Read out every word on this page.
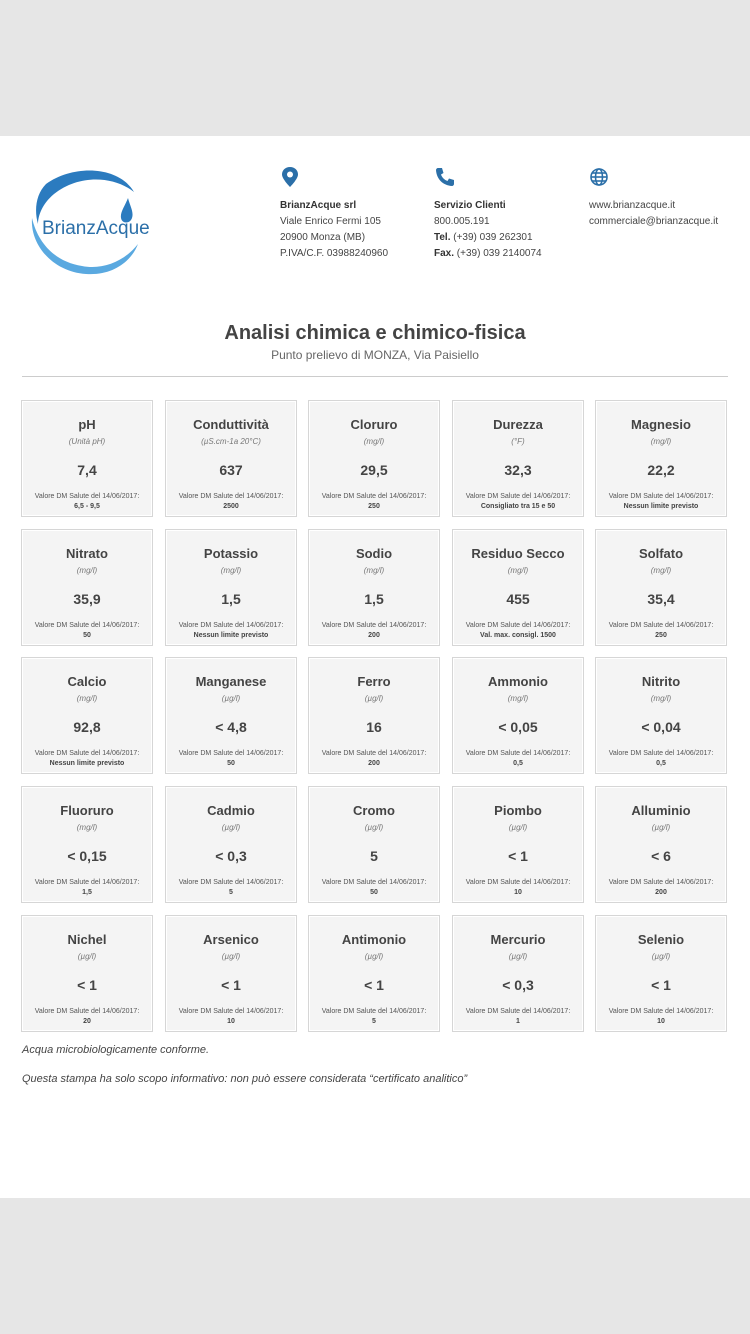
BrianzAcque
BrianzAcque srl
Viale Enrico Fermi 105
20900 Monza (MB)
P.IVA/C.F. 03988240960
Servizio Clienti
800.005.191
Tel. (+39) 039 262301
Fax. (+39) 039 2140074
www.brianzacque.it
commerciale@brianzacque.it
Analisi chimica e chimico-fisica
Punto prelievo di MONZA, Via Paisiello
pH
(Unità pH)
7,4
Valore DM Salute del 14/06/2017:
6,5 - 9,5
Conduttività
(µS.cm-1a 20°C)
637
Valore DM Salute del 14/06/2017:
2500
Cloruro
(mg/l)
29,5
Valore DM Salute del 14/06/2017:
250
Durezza
(°F)
32,3
Valore DM Salute del 14/06/2017:
Consigliato tra 15 e 50
Magnesio
(mg/l)
22,2
Valore DM Salute del 14/06/2017:
Nessun limite previsto
Nitrato
(mg/l)
35,9
Valore DM Salute del 14/06/2017:
50
Potassio
(mg/l)
1,5
Valore DM Salute del 14/06/2017:
Nessun limite previsto
Sodio
(mg/l)
1,5
Valore DM Salute del 14/06/2017:
200
Residuo Secco
(mg/l)
455
Valore DM Salute del 14/06/2017:
Val. max. consigl. 1500
Solfato
(mg/l)
35,4
Valore DM Salute del 14/06/2017:
250
Calcio
(mg/l)
92,8
Valore DM Salute del 14/06/2017:
Nessun limite previsto
Manganese
(µg/l)
< 4,8
Valore DM Salute del 14/06/2017:
50
Ferro
(µg/l)
16
Valore DM Salute del 14/06/2017:
200
Ammonio
(mg/l)
< 0,05
Valore DM Salute del 14/06/2017:
0,5
Nitrito
(mg/l)
< 0,04
Valore DM Salute del 14/06/2017:
0,5
Fluoruro
(mg/l)
< 0,15
Valore DM Salute del 14/06/2017:
1,5
Cadmio
(µg/l)
< 0,3
Valore DM Salute del 14/06/2017:
5
Cromo
(µg/l)
5
Valore DM Salute del 14/06/2017:
50
Piombo
(µg/l)
< 1
Valore DM Salute del 14/06/2017:
10
Alluminio
(µg/l)
< 6
Valore DM Salute del 14/06/2017:
200
Nichel
(µg/l)
< 1
Valore DM Salute del 14/06/2017:
20
Arsenico
(µg/l)
< 1
Valore DM Salute del 14/06/2017:
10
Antimonio
(µg/l)
< 1
Valore DM Salute del 14/06/2017:
5
Mercurio
(µg/l)
< 0,3
Valore DM Salute del 14/06/2017:
1
Selenio
(µg/l)
< 1
Valore DM Salute del 14/06/2017:
10
Acqua microbiologicamente conforme.
Questa stampa ha solo scopo informativo: non può essere considerata “certificato analitico”
